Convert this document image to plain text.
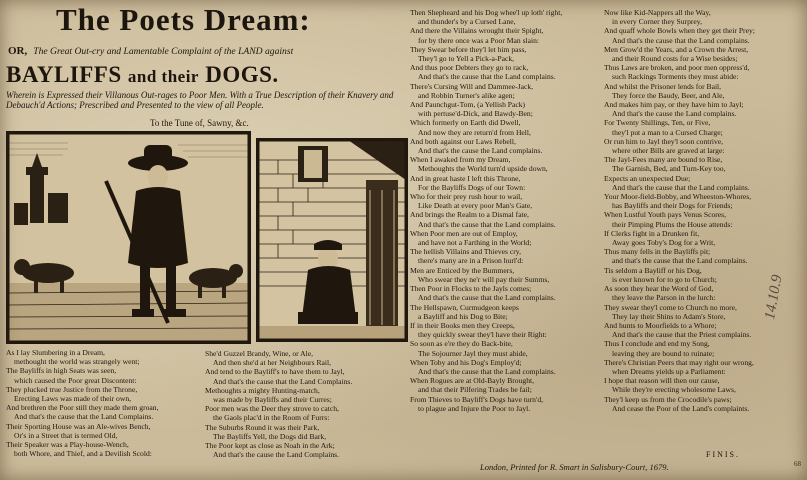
The Poets Dream:
OR, The Great Out-cry and Lamentable Complaint of the LAND against
BAYLIFFS and their DOGS.
Wherein is Expressed their Villanous Out-rages to Poor Men. With a True Description of their Knavery and Debauch'd Actions; Prescribed and Presented to the view of all People.
To the Tune of, Sawny, &c.
As I lay Slumbering in a Dream,
methought the world was strangely went;
The Bayliffs in high Seats was seen,
which caused the Poor great Discontent:
They plucked true Justice from the Throne,
Erecting Laws was made of their own,
And brethren the Poor still they made them groan,
And that's the cause that the Land Complains.
Their Sporting House was an Ale-wives Bench,
Or's in a Street that is termed Old,
Their Speaker was a Play-house-Wench,
both Whore, and Thief, and a Devilish Scold:
She'd Guzzel Brandy, Wine, or Ale,
And then she'd at her Neighbours Rail,
And tend to the Bayliff's to have them to Jayl,
And that's the cause that the Land Complains.
Methoughts a mighty Hunting-match,
was made by Bayliffs and their Curres;
Poor men was the Deer they strove to catch,
the Gaols plac'd in the Room of Furrs:
The Suburbs Round it was their Park,
The Bayliffs Yell, the Dogs did Bark,
The Poor kept as close as Noah in the Ark;
And that's the cause the Land Complains.
Then Shepheard and his Dog whee'l up loth' right,
and thunder's by a Cursed Lane,
And there the Villains wrought their Spight,
for by there once was a Poor Man slain:
They Swear before they'l let him pass,
They'l go to Yell a Pick-a-Pack,
And thus poor Debters they go to rack,
And that's the cause that the Land complains.
There's Cursing Will and Dammee-Jack,
and Robbin Turner's alike agen;
And Paunchgut-Tom, (a Yellish Pack)
with pertuse'd-Dick, and Bawdy-Ben;
Which formerly on Earth did Dwell,
And now they are return'd from Hell,
And both against our Laws Rebell,
And that's the cause the Land complains.
When I awaked from my Dream,
Methoughts the World turn'd upside down,
And in great haste I left this Throne,
For the Bayliffs Dogs of our Town:
Who for their prey rush hour to wail,
Like Death at every poor Man's Gate,
And brings the Realm to a Dismal fate,
And that's the cause that the Land complains.
When Poor men are out of Employ,
and have not a Farthing in the World;
The hellish Villains and Thieves cry,
there's many are in a Prison hurl'd:
Men are Enticed by the Bummers,
Who swear they ne'r will pay their Summs,
Then Poor in Flocks to the Jayls comes;
And that's the cause that the Land complains.
The Hellspawn, Curmudgeon keeps
a Bayliff and his Dog to Bite;
If in their Books men they Creeps,
they quickly swear they'l have their Right:
So soon as e're they do Back-bite,
The Sojourner Jayl they must abide,
When Toby and his Dog's Employ'd;
And that's the cause that the Land complains.
When Rogues are at Old-Bayly Brought,
and that their Pilfering Trades be fail;
From Thieves to Bayliff's Dogs have turn'd,
to plague and Injure the Poor to Jayl.
Now like Kid-Nappers all the Way,
in every Corner they Surprey,
And quaff whole Bowls when they get their Prey;
And that's the cause that the Land complains.
Men Grow'd the Years, and a Crown the Arrest,
and their Round costs for a Wise besides;
Thus Laws are broken, and poor men oppress'd,
such Rackings Torments they must abide:
And whilst the Prisoner lends for Bail,
They force the Baudy, Beer, and Ale,
And makes him pay, or they have him to Jayl;
And that's the cause the Land complains.
For Twenty Shillings, Ten, or Five,
they'l put a man to a Cursed Charge;
Or run him to Jayl they'l soon contrive,
where other Bills are graved at large:
The Jayl-Fees many are bound to Rise,
The Garnish, Bed, and Turn-Key too,
Expects an unexpected Due;
And that's the cause that the Land complains.
Your Moor-field-Bobby, and Wheeston-Whores,
has Bayliffs and their Dogs for Friends;
When Lustful Youth pays Venus Scores,
their Pimping Plums the House attends:
If Clerks fight in a Drunken fit,
Away goes Toby's Dog for a Writ,
Thus many fells in the Bayliffs pit;
and that's the cause that the Land complains.
Tis seldom a Bayliff or his Dog,
is ever known for to go to Church;
As soon they hear the Word of God,
they leave the Parson in the lurch:
They swear they'l come to Church no more,
They lay their Shins to Adam's Store,
And hunts to Moorfields to a Whore;
And that's the cause that the Priest complains.
Thus I conclude and end my Song,
leaving they are bound to ruinate;
There's Christian Peers that may right our wrong,
when Dreams yields up a Parliament:
I hope that reason will then our cause,
While they're erecting wholesome Laws,
They'l keep us from the Crocodile's paws;
And cease the Poor of the Land's complaints.
FINIS.
London, Printed for R. Smart in Salisbury-Court, 1679.
14.10.9
68
